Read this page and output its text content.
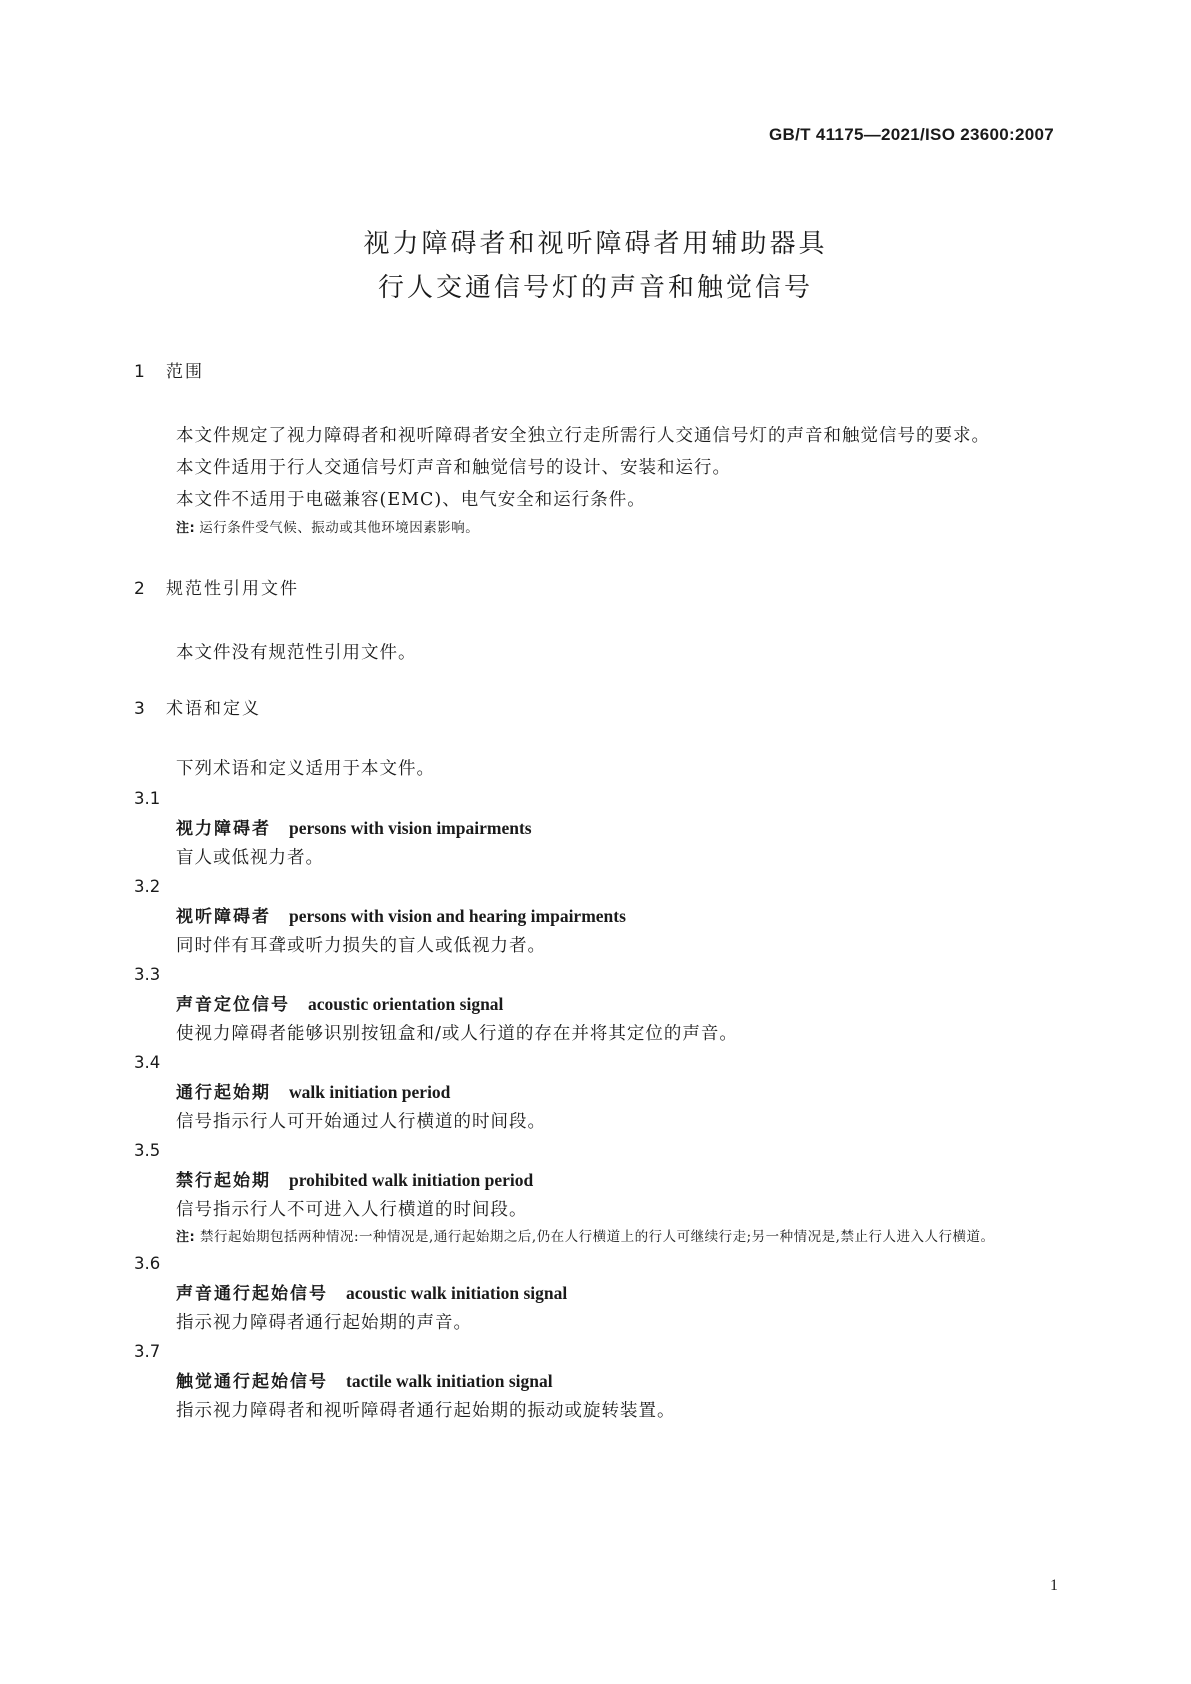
GB/T 41175—2021/ISO 23600:2007
视力障碍者和视听障碍者用辅助器具
行人交通信号灯的声音和触觉信号
1 范围
本文件规定了视力障碍者和视听障碍者安全独立行走所需行人交通信号灯的声音和触觉信号的要求。
本文件适用于行人交通信号灯声音和触觉信号的设计、安装和运行。
本文件不适用于电磁兼容(EMC)、电气安全和运行条件。
注: 运行条件受气候、振动或其他环境因素影响。
2 规范性引用文件
本文件没有规范性引用文件。
3 术语和定义
下列术语和定义适用于本文件。
3.1
视力障碍者 persons with vision impairments
盲人或低视力者。
3.2
视听障碍者 persons with vision and hearing impairments
同时伴有耳聋或听力损失的盲人或低视力者。
3.3
声音定位信号 acoustic orientation signal
使视力障碍者能够识别按钮盒和/或人行道的存在并将其定位的声音。
3.4
通行起始期 walk initiation period
信号指示行人可开始通过人行横道的时间段。
3.5
禁行起始期 prohibited walk initiation period
信号指示行人不可进入人行横道的时间段。
注: 禁行起始期包括两种情况:一种情况是,通行起始期之后,仍在人行横道上的行人可继续行走;另一种情况是,禁止行人进入人行横道。
3.6
声音通行起始信号 acoustic walk initiation signal
指示视力障碍者通行起始期的声音。
3.7
触觉通行起始信号 tactile walk initiation signal
指示视力障碍者和视听障碍者通行起始期的振动或旋转装置。
1
